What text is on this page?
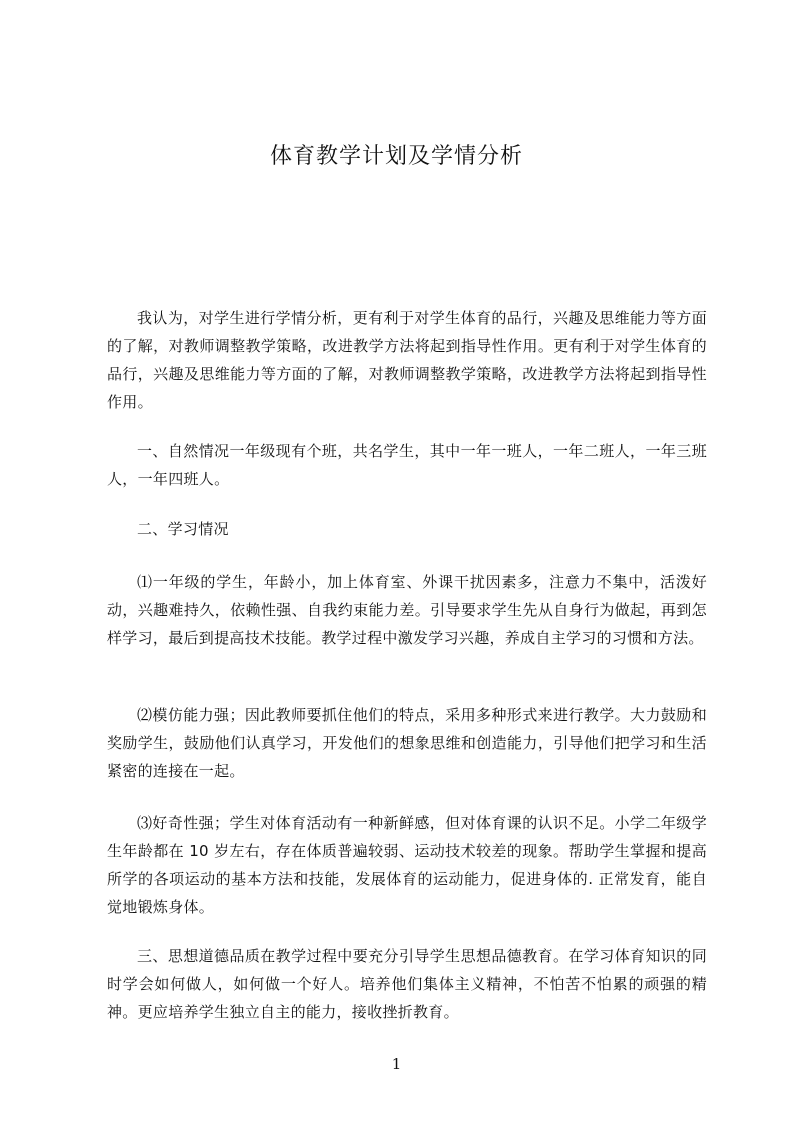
体育教学计划及学情分析

我认为，对学生进行学情分析，更有利于对学生体育的品行，兴趣及思维能力等方面的了解，对教师调整教学策略，改进教学方法将起到指导性作用。更有利于对学生体育的品行，兴趣及思维能力等方面的了解，对教师调整教学策略，改进教学方法将起到指导性作用。

一、自然情况一年级现有个班，共名学生，其中一年一班人，一年二班人，一年三班人，一年四班人。

二、学习情况

⑴一年级的学生，年龄小，加上体育室、外课干扰因素多，注意力不集中，活泼好动，兴趣难持久，依赖性强、自我约束能力差。引导要求学生先从自身行为做起，再到怎样学习，最后到提高技术技能。教学过程中激发学习兴趣，养成自主学习的习惯和方法。

⑵模仿能力强；因此教师要抓住他们的特点，采用多种形式来进行教学。大力鼓励和奖励学生，鼓励他们认真学习，开发他们的想象思维和创造能力，引导他们把学习和生活紧密的连接在一起。

⑶好奇性强；学生对体育活动有一种新鲜感，但对体育课的认识不足。小学二年级学生年龄都在 10 岁左右，存在体质普遍较弱、运动技术较差的现象。帮助学生掌握和提高所学的各项运动的基本方法和技能，发展体育的运动能力，促进身体的. 正常发育，能自觉地锻炼身体。

三、思想道德品质在教学过程中要充分引导学生思想品德教育。在学习体育知识的同时学会如何做人，如何做一个好人。培养他们集体主义精神，不怕苦不怕累的顽强的精神。更应培养学生独立自主的能力，接收挫折教育。

1
